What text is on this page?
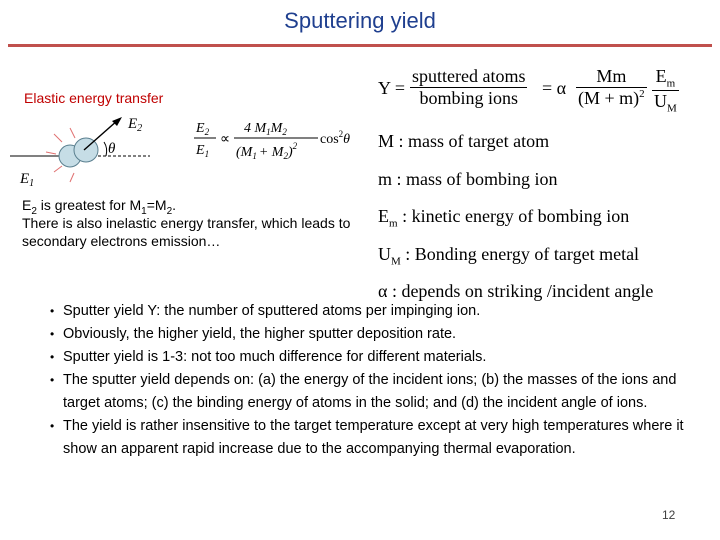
Sputtering yield
Elastic energy transfer
$E_2$
θ
$E_1$
$E_2$
$E_1$
∝
4 $M_1M_2$
$(M_1 + M_2)^2$ $\cos^2\theta$
$E_2$ is greatest for $M_1=M_2$.
There is also inelastic energy transfer, which leads to secondary electrons emission…
Y =
sputtered atoms
bombing ions	= α $\frac{Mm}{(M + m)^2} \frac{E_m}{U_M}$
M : mass of target atom
m : mass of bombing ion
$E_m$ : kinetic energy of bombing ion
$U_M$ : Bonding energy of target metal
α : depends on striking /incident angle
• Sputter yield Y: the number of sputtered atoms per impinging ion.
• Obviously, the higher yield, the higher sputter deposition rate.
• Sputter yield is 1-3: not too much difference for different materials.
• The sputter yield depends on: (a) the energy of the incident ions; (b) the masses of the ions and target atoms; (c) the binding energy of atoms in the solid; and (d) the incident angle of ions.
• The yield is rather insensitive to the target temperature except at very high temperatures where it show an apparent rapid increase due to the accompanying thermal evaporation.
12
